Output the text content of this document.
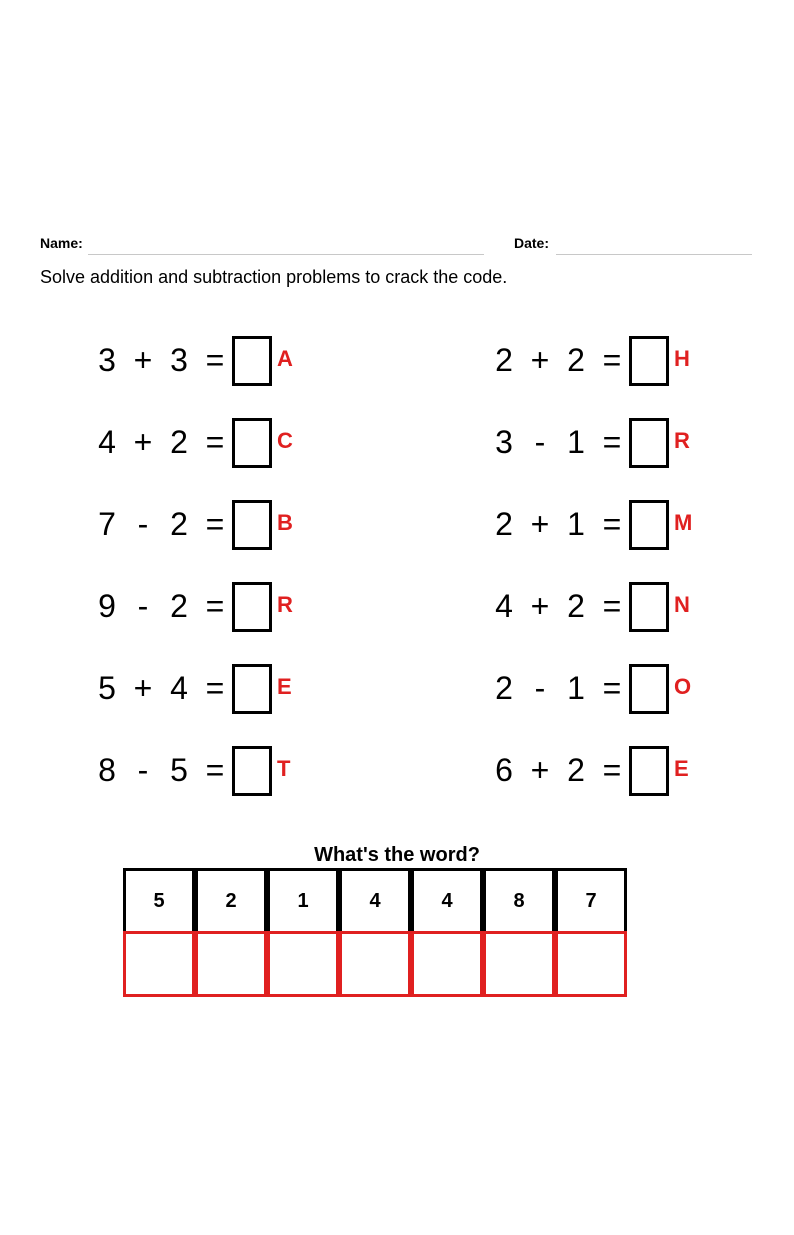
Name:	Date:
Solve addition and subtraction problems to crack the code.
3 + 3 = A
4 + 2 = C
7 - 2 = B
9 - 2 = R
5 + 4 = E
8 - 5 = T
2 + 2 = H
3 - 1 = R
2 + 1 = M
4 + 2 = N
2 - 1 = O
6 + 2 = E
What's the word?
5	2	1	4	4	8	7
